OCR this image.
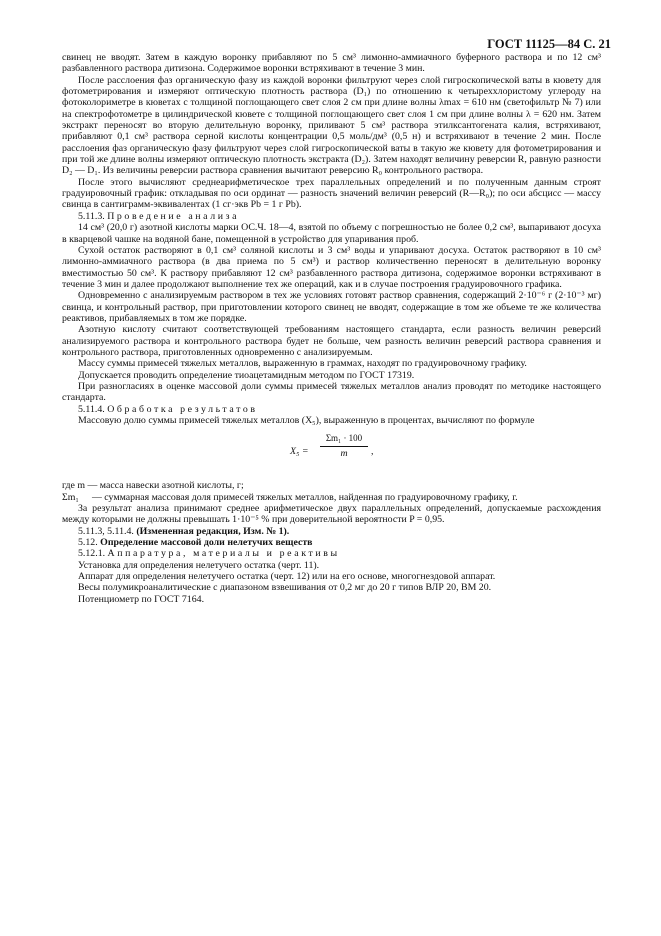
ГОСТ 11125—84 С. 21

свинец не вводят. Затем в каждую воронку прибавляют по 5 см³ лимонно-аммиачного буферного раствора и по 12 см³ разбавленного раствора дитизона. Содержимое воронки встряхивают в течение 3 мин.

После расслоения фаз органическую фазу из каждой воронки фильтруют через слой гигроскопической ваты в кювету для фотометрирования и измеряют оптическую плотность раствора (D₁) по отношению к четыреххлористому углероду на фотоколориметре в кюветах с толщиной поглощающего свет слоя 2 см при длине волны λmax = 610 нм (светофильтр № 7) или на спектрофотометре в цилиндрической кювете с толщиной поглощающего свет слоя 1 см при длине волны λ = 620 нм. Затем экстракт переносят во вторую делительную воронку, приливают 5 см³ раствора этилксантогената калия, встряхивают, прибавляют 0,1 см³ раствора серной кислоты концентрации 0,5 моль/дм³ (0,5 н) и встряхивают в течение 2 мин. После расслоения фаз органическую фазу фильтруют через слой гигроскопической ваты в такую же кювету для фотометрирования и при той же длине волны измеряют оптическую плотность экстракта (D₂). Затем находят величину реверсии R, равную разности D₂ — D₁. Из величины реверсии раствора сравнения вычитают реверсию R₀ контрольного раствора.

После этого вычисляют среднеарифметическое трех параллельных определений и по полученным данным строят градуировочный график: откладывая по оси ординат — разность значений величин реверсий (R—R₀); по оси абсцисс — массу свинца в сантиграмм-эквивалентах (1 сг·экв Pb = 1 г Pb).

5.11.3. Проведение анализа

14 см³ (20,0 г) азотной кислоты марки ОС.Ч. 18—4, взятой по объему с погрешностью не более 0,2 см³, выпаривают досуха в кварцевой чашке на водяной бане, помещенной в устройство для упаривания проб.

Сухой остаток растворяют в 0,1 см³ соляной кислоты и 3 см³ воды и упаривают досуха. Остаток растворяют в 10 см³ лимонно-аммиачного раствора (в два приема по 5 см³) и раствор количественно переносят в делительную воронку вместимостью 50 см³. К раствору прибавляют 12 см³ разбавленного раствора дитизона, содержимое воронки встряхивают в течение 3 мин и далее продолжают выполнение тех же операций, как и в случае построения градуировочного графика.

Одновременно с анализируемым раствором в тех же условиях готовят раствор сравнения, содержащий 2·10⁻⁶ г (2·10⁻³ мг) свинца, и контрольный раствор, при приготовлении которого свинец не вводят, содержащие в том же объеме те же количества реактивов, прибавляемых в том же порядке.

Азотную кислоту считают соответствующей требованиям настоящего стандарта, если разность величин реверсий анализируемого раствора и контрольного раствора будет не больше, чем разность величин реверсий раствора сравнения и контрольного раствора, приготовленных одновременно с анализируемым.

Массу суммы примесей тяжелых металлов, выраженную в граммах, находят по градуировочному графику.

Допускается проводить определение тиоацетамидным методом по ГОСТ 17319.

При разногласиях в оценке массовой доли суммы примесей тяжелых металлов анализ проводят по методике настоящего стандарта.

5.11.4. Обработка результатов

Массовую долю суммы примесей тяжелых металлов (X₅), выраженную в процентах, вычисляют по формуле

$X_5 = \frac{\text{Σm₁ · 100}}{m}$ ,

где m — масса навески азотной кислоты, г;

Σm₁	— суммарная массовая доля примесей тяжелых металлов, найденная по градуировочному графику, г.

За результат анализа принимают среднее арифметическое двух параллельных определений, допускаемые расхождения между которыми не должны превышать 1·10⁻⁵ % при доверительной вероятности P = 0,95.

5.11.3, 5.11.4. (Измененная редакция, Изм. № 1).

5.12. Определение массовой доли нелетучих веществ

5.12.1. Аппаратура, материалы и реактивы

Установка для определения нелетучего остатка (черт. 11).

Аппарат для определения нелетучего остатка (черт. 12) или на его основе, многогнездовой аппарат.

Весы полумикроаналитические с диапазоном взвешивания от 0,2 мг до 20 г типов ВЛР 20, ВМ 20.

Потенциометр по ГОСТ 7164.
